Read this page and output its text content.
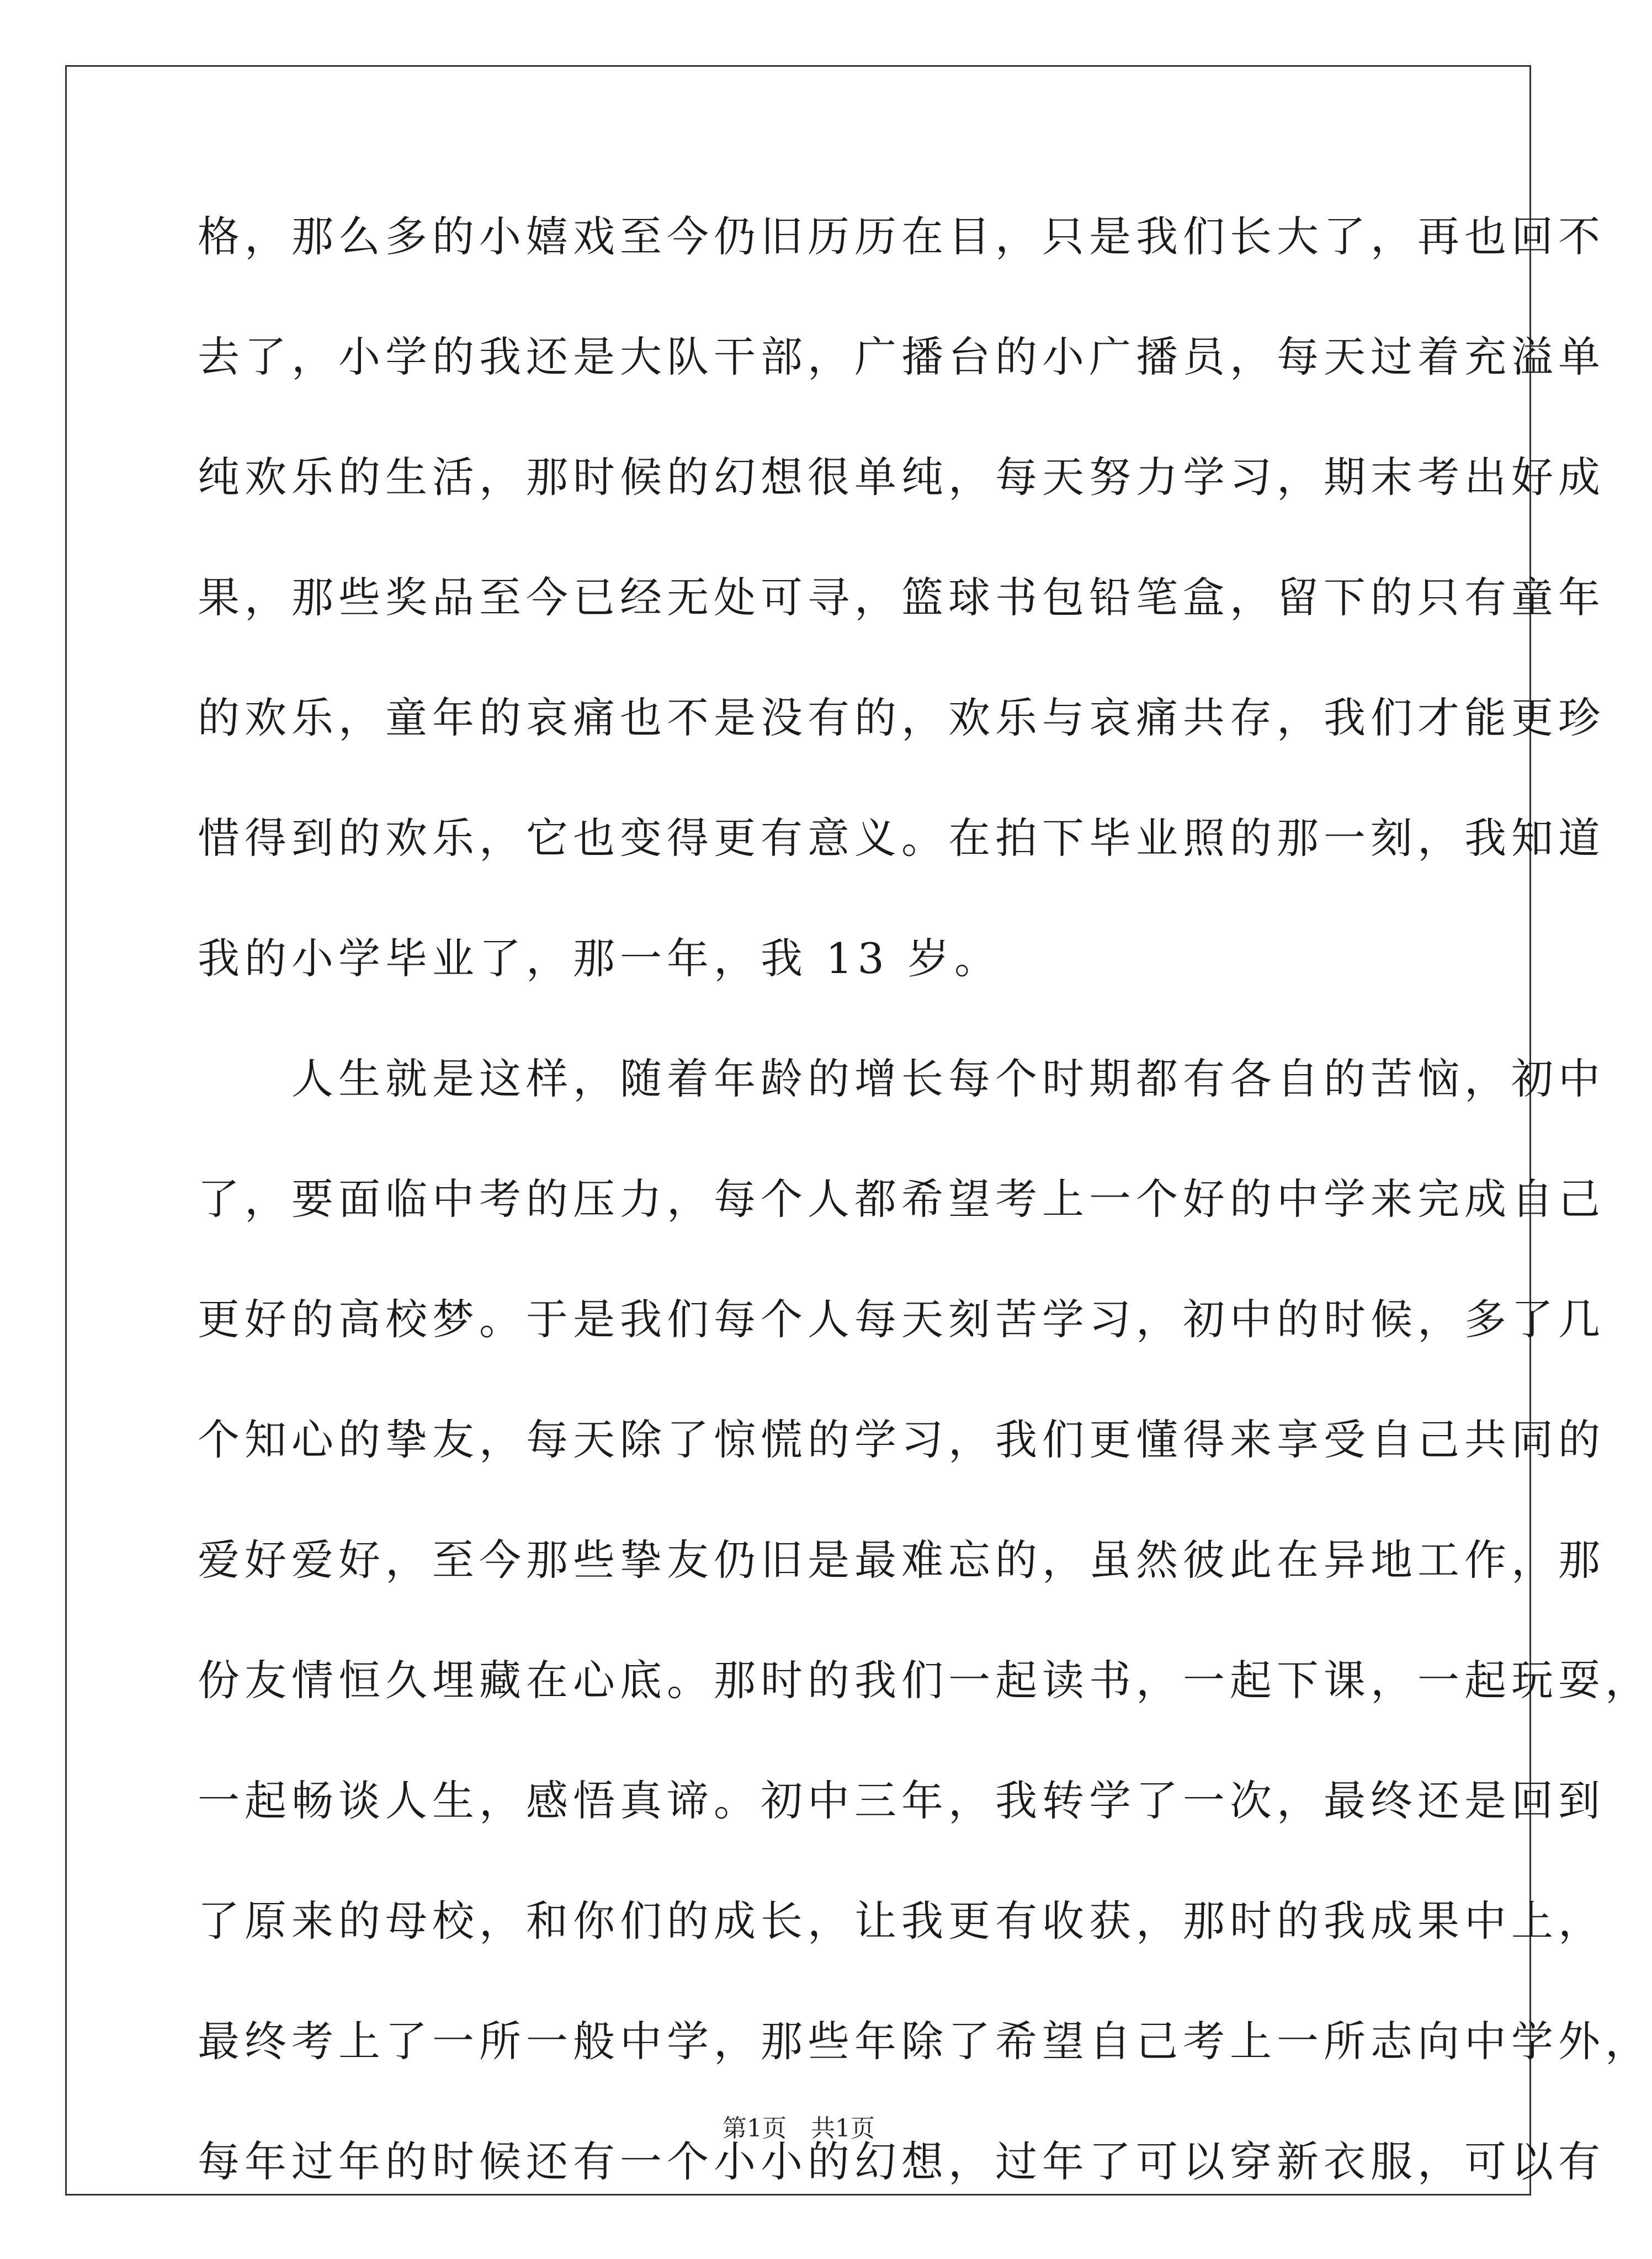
格，那么多的小嬉戏至今仍旧历历在目，只是我们长大了，再也回不
去了，小学的我还是大队干部，广播台的小广播员，每天过着充溢单
纯欢乐的生活，那时候的幻想很单纯，每天努力学习，期末考出好成
果，那些奖品至今已经无处可寻，篮球书包铅笔盒，留下的只有童年
的欢乐，童年的哀痛也不是没有的，欢乐与哀痛共存，我们才能更珍
惜得到的欢乐，它也变得更有意义。在拍下毕业照的那一刻，我知道
我的小学毕业了，那一年，我 13 岁。
人生就是这样，随着年龄的增长每个时期都有各自的苦恼，初中
了，要面临中考的压力，每个人都希望考上一个好的中学来完成自己
更好的高校梦。于是我们每个人每天刻苦学习，初中的时候，多了几
个知心的挚友，每天除了惊慌的学习，我们更懂得来享受自己共同的
爱好爱好，至今那些挚友仍旧是最难忘的，虽然彼此在异地工作，那
份友情恒久埋藏在心底。那时的我们一起读书，一起下课，一起玩耍，
一起畅谈人生，感悟真谛。初中三年，我转学了一次，最终还是回到
了原来的母校，和你们的成长，让我更有收获，那时的我成果中上，
最终考上了一所一般中学，那些年除了希望自己考上一所志向中学外，
每年过年的时候还有一个小小的幻想，过年了可以穿新衣服，可以有
第1页　共1页
